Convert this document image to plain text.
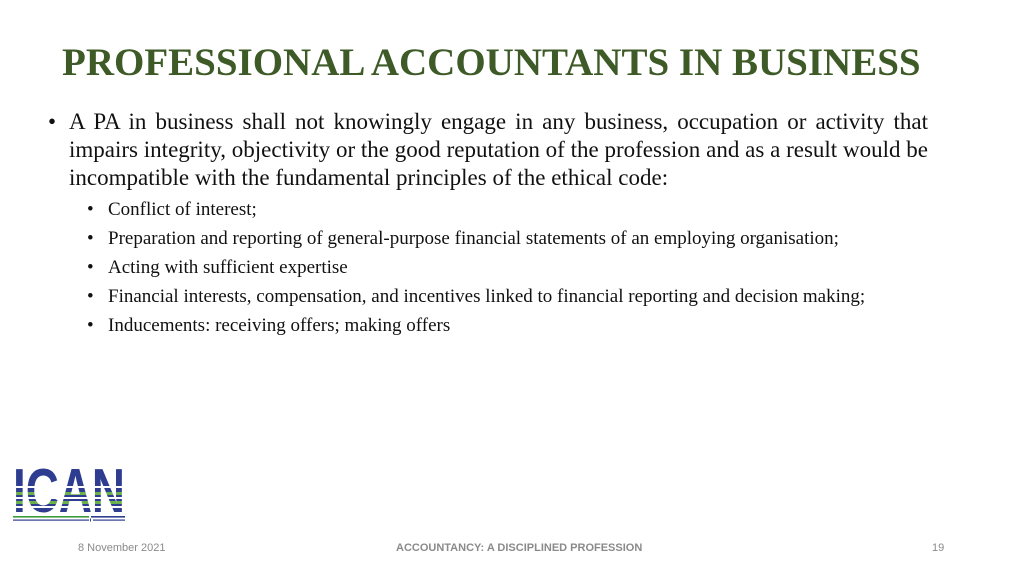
PROFESSIONAL ACCOUNTANTS IN BUSINESS
• A PA in business shall not knowingly engage in any business, occupation or activity that impairs integrity, objectivity or the good reputation of the profession and as a result would be incompatible with the fundamental principles of the ethical code:
• Conflict of interest;
• Preparation and reporting of general-purpose financial statements of an employing organisation;
• Acting with sufficient expertise
• Financial interests, compensation, and incentives linked to financial reporting and decision making;
• Inducements: receiving offers; making offers
8 November 2021	ACCOUNTANCY: A DISCIPLINED PROFESSION	19
